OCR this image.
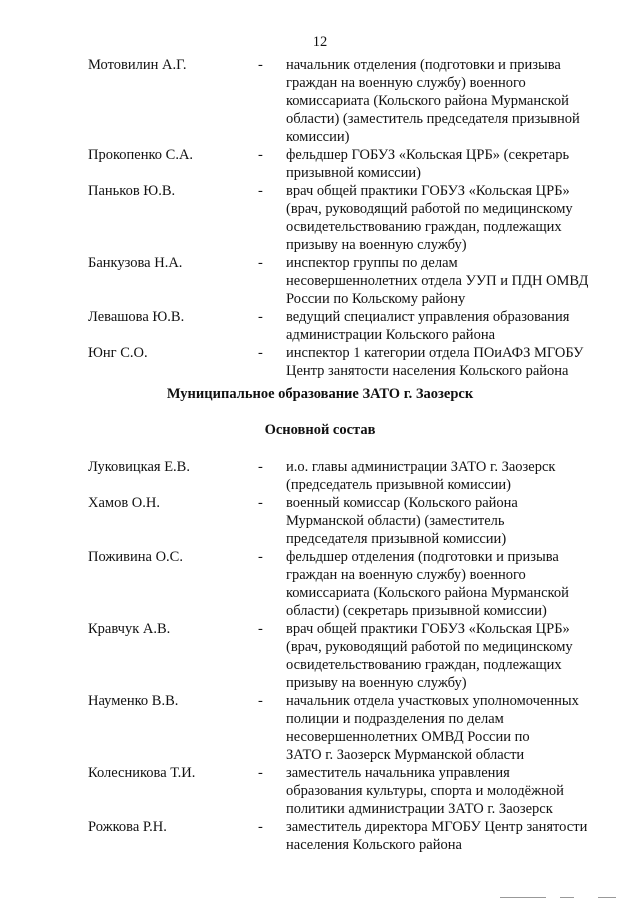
12
Мотовилин А.Г.	-	начальник отделения (подготовки и призыва
граждан на военную службу) военного
комиссариата (Кольского района Мурманской
области) (заместитель председателя призывной
комиссии)
Прокопенко С.А.	-	фельдшер ГОБУЗ «Кольская ЦРБ» (секретарь
призывной комиссии)
Паньков Ю.В.	-	врач общей практики ГОБУЗ «Кольская ЦРБ»
(врач, руководящий работой по медицинскому
освидетельствованию граждан, подлежащих
призыву на военную службу)
Банкузова Н.А.	-	инспектор группы по делам
несовершеннолетних отдела УУП и ПДН ОМВД
России по Кольскому району
Левашова Ю.В.	-	ведущий специалист управления образования
администрации Кольского района
Юнг С.О.	-	инспектор 1 категории отдела ПОиАФЗ МГОБУ
Центр занятости населения Кольского района
Муниципальное образование ЗАТО г. Заозерск
Основной состав
Луковицкая Е.В.	-	и.о. главы администрации ЗАТО г. Заозерск
(председатель призывной комиссии)
Хамов О.Н.	-	военный комиссар (Кольского района
Мурманской области) (заместитель
председателя призывной комиссии)
Поживина О.С.	-	фельдшер отделения (подготовки и призыва
граждан на военную службу) военного
комиссариата (Кольского района Мурманской
области) (секретарь призывной комиссии)
Кравчук А.В.	-	врач общей практики ГОБУЗ «Кольская ЦРБ»
(врач, руководящий работой по медицинскому
освидетельствованию граждан, подлежащих
призыву на военную службу)
Науменко В.В.	-	начальник отдела участковых уполномоченных
полиции и подразделения по делам
несовершеннолетних ОМВД России по
ЗАТО г. Заозерск Мурманской области
Колесникова Т.И.	-	заместитель начальника управления
образования культуры, спорта и молодёжной
политики администрации ЗАТО г. Заозерск
Рожкова Р.Н.	-	заместитель директора МГОБУ Центр занятости
населения Кольского района
